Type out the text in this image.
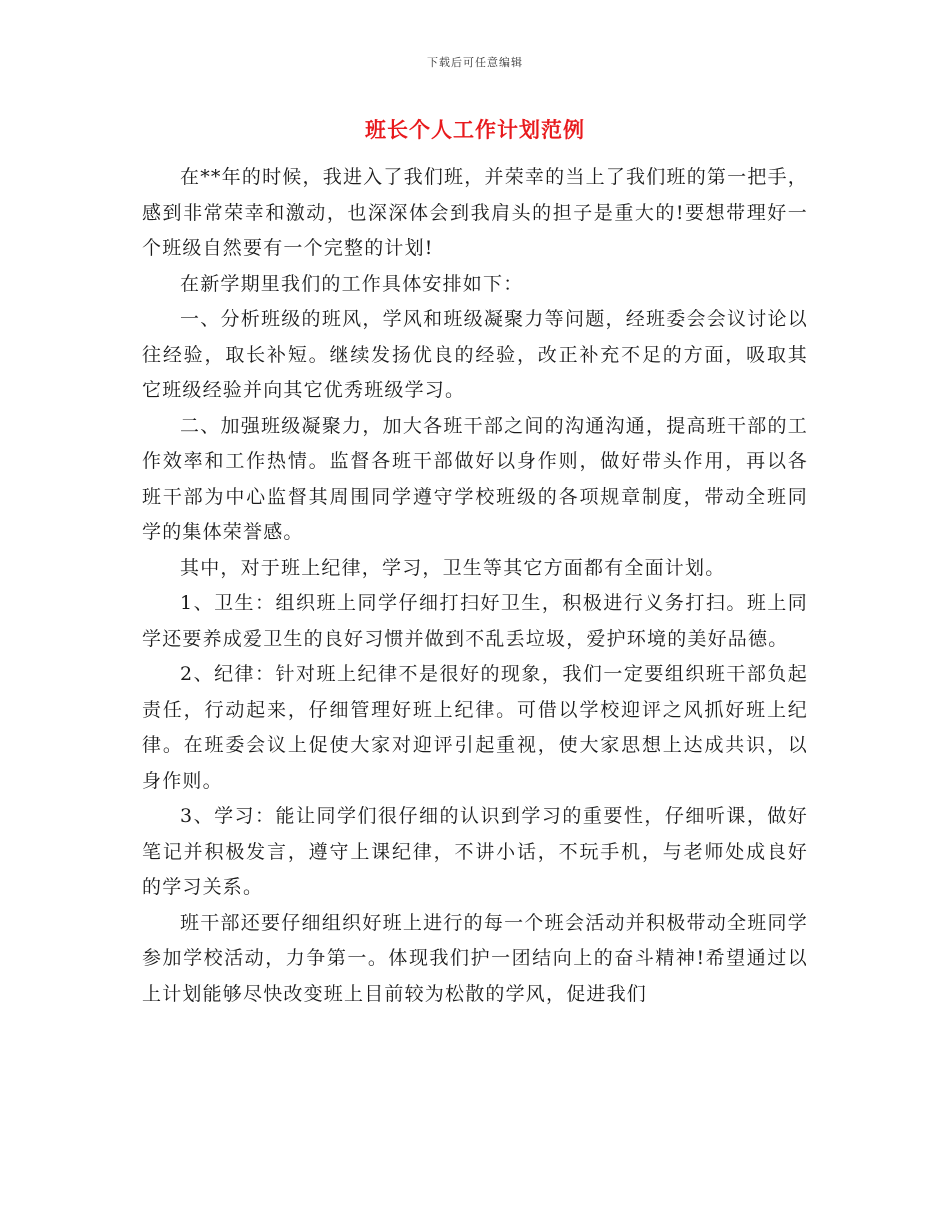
下载后可任意编辑
班长个人工作计划范例

在**年的时候，我进入了我们班，并荣幸的当上了我们班的第一把手，感到非常荣幸和激动，也深深体会到我肩头的担子是重大的!要想带理好一个班级自然要有一个完整的计划!

在新学期里我们的工作具体安排如下：

一、分析班级的班风，学风和班级凝聚力等问题，经班委会会议讨论以往经验，取长补短。继续发扬优良的经验，改正补充不足的方面，吸取其它班级经验并向其它优秀班级学习。

二、加强班级凝聚力，加大各班干部之间的沟通沟通，提高班干部的工作效率和工作热情。监督各班干部做好以身作则，做好带头作用，再以各班干部为中心监督其周围同学遵守学校班级的各项规章制度，带动全班同学的集体荣誉感。

其中，对于班上纪律，学习，卫生等其它方面都有全面计划。

1、卫生：组织班上同学仔细打扫好卫生，积极进行义务打扫。班上同学还要养成爱卫生的良好习惯并做到不乱丢垃圾，爱护环境的美好品德。

2、纪律：针对班上纪律不是很好的现象，我们一定要组织班干部负起责任，行动起来，仔细管理好班上纪律。可借以学校迎评之风抓好班上纪律。在班委会议上促使大家对迎评引起重视，使大家思想上达成共识，以身作则。

3、学习：能让同学们很仔细的认识到学习的重要性，仔细听课，做好笔记并积极发言，遵守上课纪律，不讲小话，不玩手机，与老师处成良好的学习关系。

班干部还要仔细组织好班上进行的每一个班会活动并积极带动全班同学参加学校活动，力争第一。体现我们护一团结向上的奋斗精神!希望通过以上计划能够尽快改变班上目前较为松散的学风，促进我们
